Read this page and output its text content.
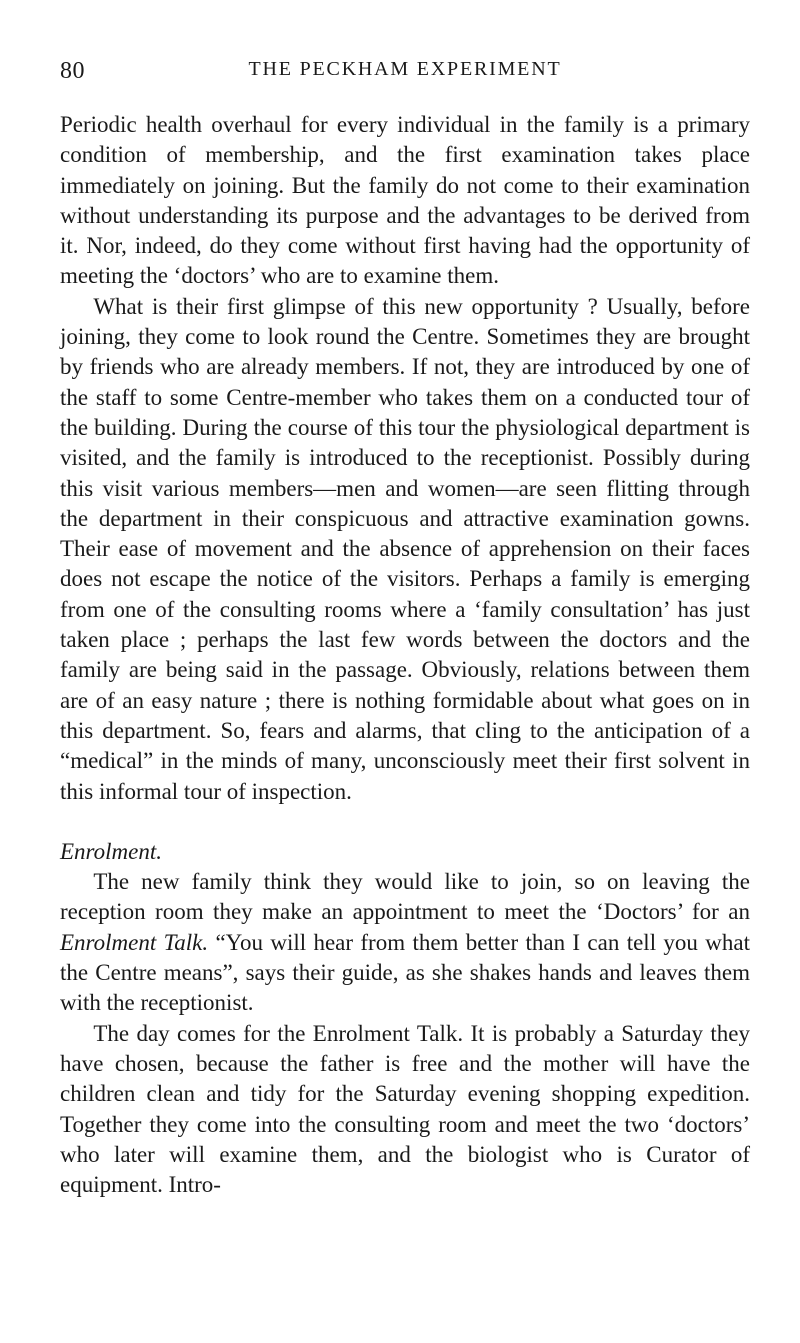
80	THE PECKHAM EXPERIMENT

Periodic health overhaul for every individual in the family is a primary condition of membership, and the first examination takes place immediately on joining. But the family do not come to their examination without understanding its purpose and the advantages to be derived from it. Nor, indeed, do they come without first having had the opportunity of meeting the ‘doctors’ who are to examine them.

What is their first glimpse of this new opportunity ? Usually, before joining, they come to look round the Centre. Sometimes they are brought by friends who are already members. If not, they are introduced by one of the staff to some Centre-member who takes them on a conducted tour of the building. During the course of this tour the physiological department is visited, and the family is introduced to the receptionist. Possibly during this visit various members—men and women—are seen flitting through the department in their conspicuous and attractive examination gowns. Their ease of movement and the absence of apprehension on their faces does not escape the notice of the visitors. Perhaps a family is emerging from one of the consulting rooms where a ‘family consultation’ has just taken place ; perhaps the last few words between the doctors and the family are being said in the passage. Obviously, relations between them are of an easy nature ; there is nothing formidable about what goes on in this department. So, fears and alarms, that cling to the anticipation of a “medical” in the minds of many, unconsciously meet their first solvent in this informal tour of inspection.

Enrolment.

The new family think they would like to join, so on leaving the reception room they make an appointment to meet the ‘Doctors’ for an Enrolment Talk. “You will hear from them better than I can tell you what the Centre means”, says their guide, as she shakes hands and leaves them with the receptionist.

The day comes for the Enrolment Talk. It is probably a Saturday they have chosen, because the father is free and the mother will have the children clean and tidy for the Saturday evening shopping expedition. Together they come into the consulting room and meet the two ‘doctors’ who later will examine them, and the biologist who is Curator of equipment. Intro-
